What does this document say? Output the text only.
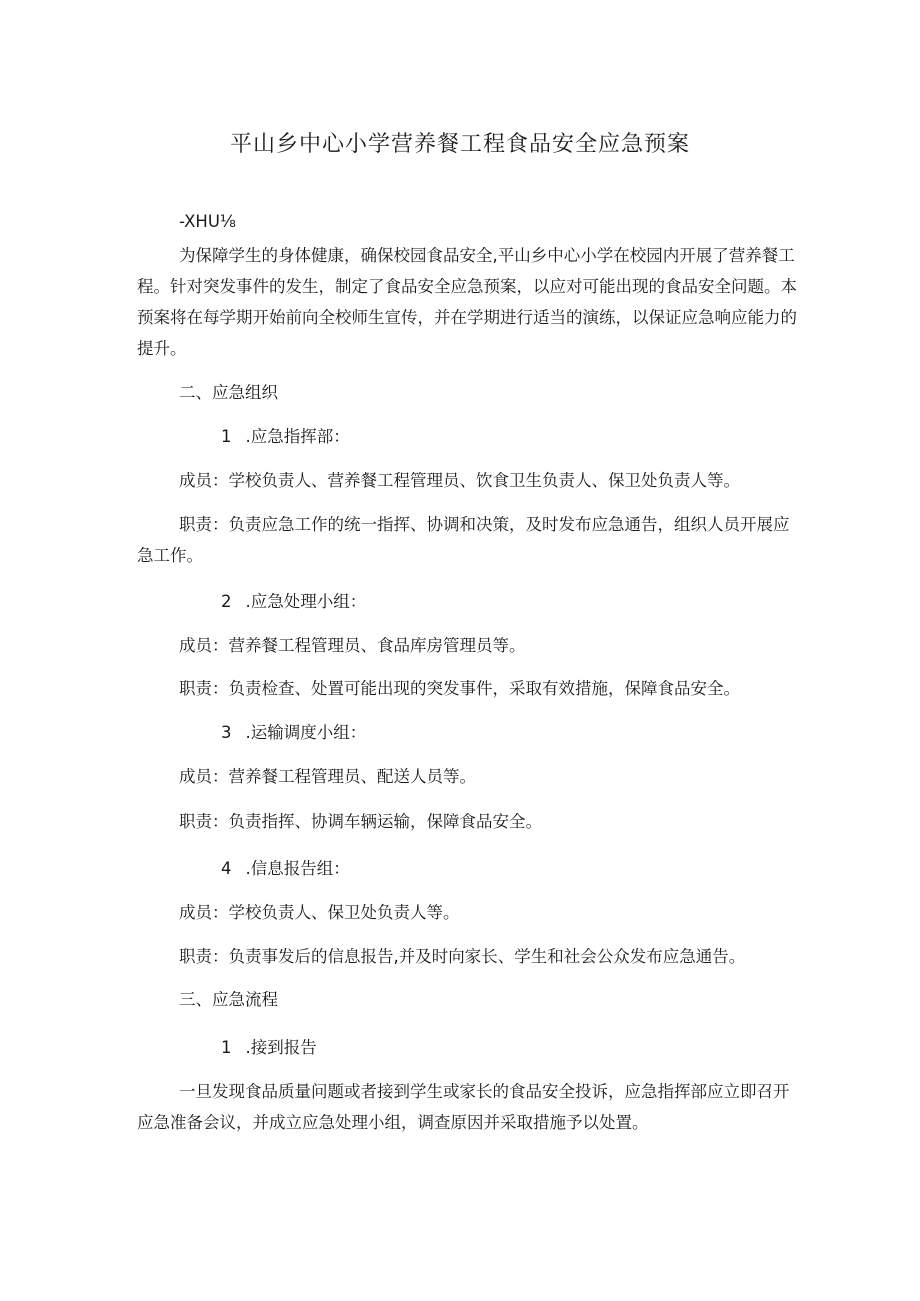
平山乡中心小学营养餐工程食品安全应急预案

-XHU⅛

为保障学生的身体健康，确保校园食品安全,平山乡中心小学在校园内开展了营养餐工程。针对突发事件的发生，制定了食品安全应急预案，以应对可能出现的食品安全问题。本预案将在每学期开始前向全校师生宣传，并在学期进行适当的演练，以保证应急响应能力的提升。

二、应急组织

1 .应急指挥部：

成员：学校负责人、营养餐工程管理员、饮食卫生负责人、保卫处负责人等。

职责：负责应急工作的统一指挥、协调和决策，及时发布应急通告，组织人员开展应急工作。

2 .应急处理小组：

成员：营养餐工程管理员、食品库房管理员等。

职责：负责检查、处置可能出现的突发事件，采取有效措施，保障食品安全。

3 .运输调度小组：

成员：营养餐工程管理员、配送人员等。

职责：负责指挥、协调车辆运输，保障食品安全。

4 .信息报告组：

成员：学校负责人、保卫处负责人等。

职责：负责事发后的信息报告,并及时向家长、学生和社会公众发布应急通告。

三、应急流程

1 .接到报告

一旦发现食品质量问题或者接到学生或家长的食品安全投诉，应急指挥部应立即召开应急准备会议，并成立应急处理小组，调查原因并采取措施予以处置。
